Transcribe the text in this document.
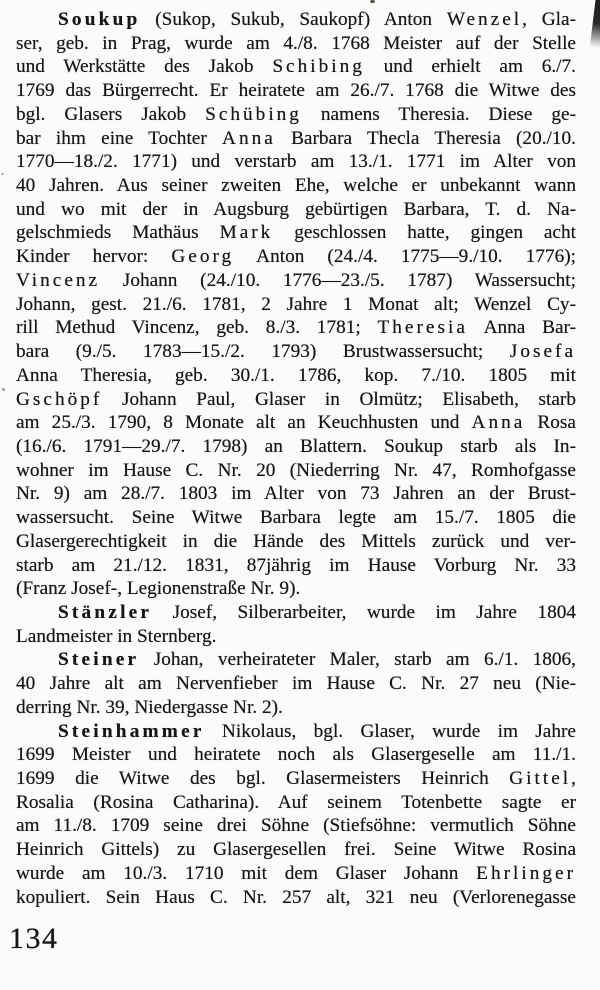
Soukup (Sukop, Sukub, Saukopf) Anton Wenzel, Gla-
ser, geb. in Prag, wurde am 4./8. 1768 Meister auf der Stelle
und Werkstätte des Jakob Schibing und erhielt am 6./7.
1769 das Bürgerrecht. Er heiratete am 26./7. 1768 die Witwe des
bgl. Glasers Jakob Schübing namens Theresia. Diese ge-
bar ihm eine Tochter Anna Barbara Thecla Theresia (20./10.
1770—18./2. 1771) und verstarb am 13./1. 1771 im Alter von
40 Jahren. Aus seiner zweiten Ehe, welche er unbekannt wann
und wo mit der in Augsburg gebürtigen Barbara, T. d. Na-
gelschmieds Mathäus Mark geschlossen hatte, gingen acht
Kinder hervor: Georg Anton (24./4. 1775—9./10. 1776);
Vincenz Johann (24./10. 1776—23./5. 1787) Wassersucht;
Johann, gest. 21./6. 1781, 2 Jahre 1 Monat alt; Wenzel Cy-
rill Methud Vincenz, geb. 8./3. 1781; Theresia Anna Bar-
bara (9./5. 1783—15./2. 1793) Brustwassersucht; Josefa
Anna Theresia, geb. 30./1. 1786, kop. 7./10. 1805 mit
Gschöpf Johann Paul, Glaser in Olmütz; Elisabeth, starb
am 25./3. 1790, 8 Monate alt an Keuchhusten und Anna Rosa
(16./6. 1791—29./7. 1798) an Blattern. Soukup starb als In-
wohner im Hause C. Nr. 20 (Niederring Nr. 47, Romhofgasse
Nr. 9) am 28./7. 1803 im Alter von 73 Jahren an der Brust-
wassersucht. Seine Witwe Barbara legte am 15./7. 1805 die
Glasergerechtigkeit in die Hände des Mittels zurück und ver-
starb am 21./12. 1831, 87jährig im Hause Vorburg Nr. 33
(Franz Josef-, Legionenstraße Nr. 9).
Stänzler Josef, Silberarbeiter, wurde im Jahre 1804
Landmeister in Sternberg.
Steiner Johan, verheirateter Maler, starb am 6./1. 1806,
40 Jahre alt am Nervenfieber im Hause C. Nr. 27 neu (Nie-
derring Nr. 39, Niedergasse Nr. 2).
Steinhammer Nikolaus, bgl. Glaser, wurde im Jahre
1699 Meister und heiratete noch als Glasergeselle am 11./1.
1699 die Witwe des bgl. Glasermeisters Heinrich Gittel,
Rosalia (Rosina Catharina). Auf seinem Totenbette sagte er
am 11./8. 1709 seine drei Söhne (Stiefsöhne: vermutlich Söhne
Heinrich Gittels) zu Glasergesellen frei. Seine Witwe Rosina
wurde am 10./3. 1710 mit dem Glaser Johann Ehrlinger
kopuliert. Sein Haus C. Nr. 257 alt, 321 neu (Verlorenegasse
134
